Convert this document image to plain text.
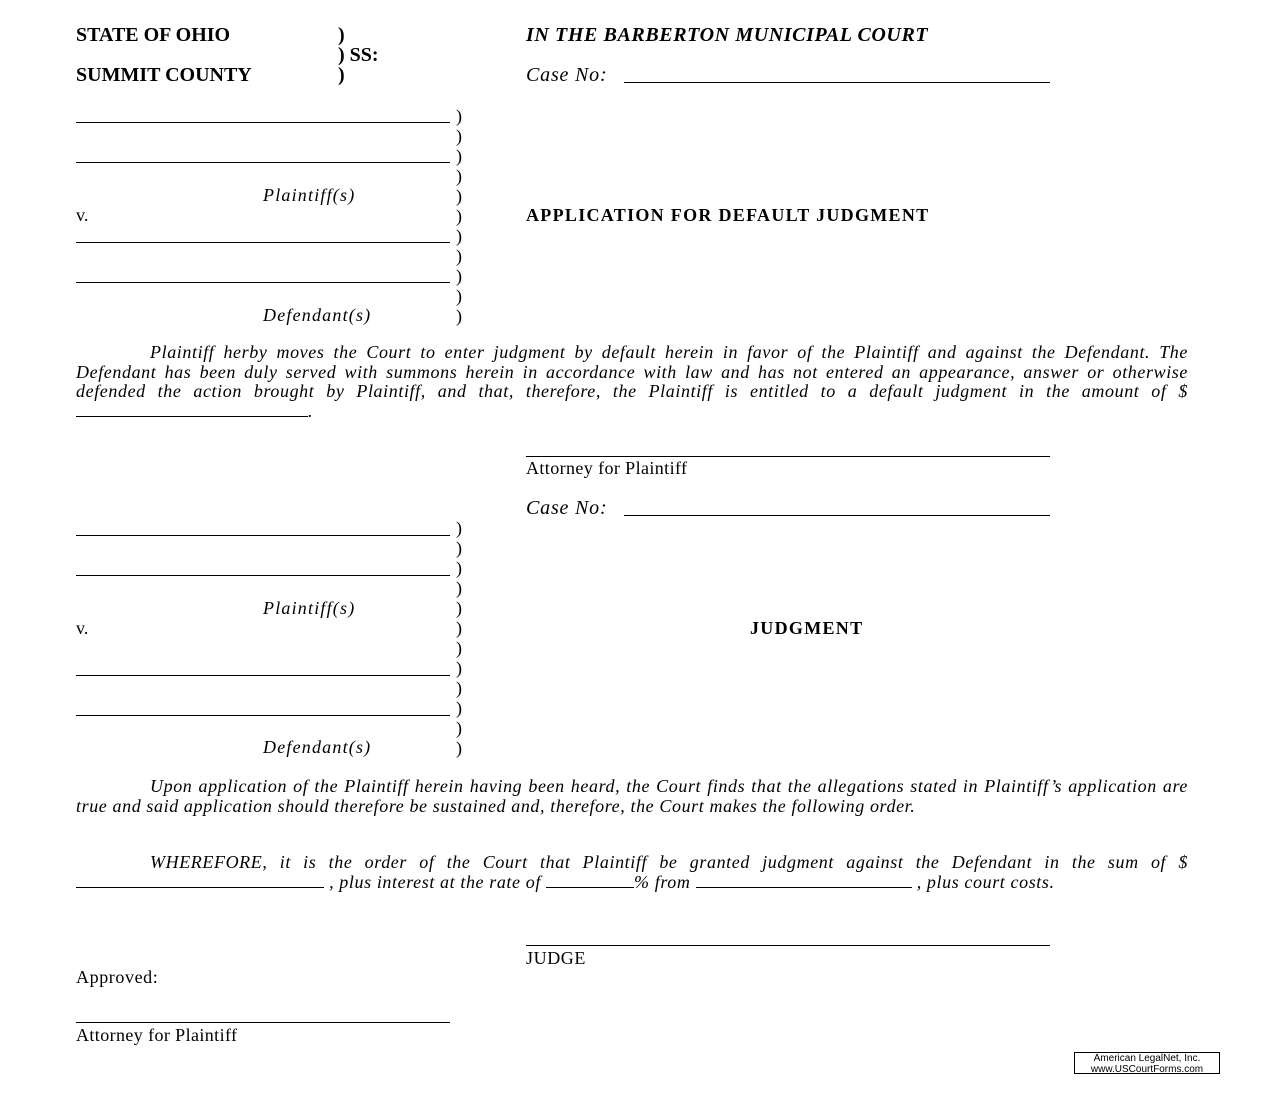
STATE OF OHIO	)
) SS:
SUMMIT COUNTY	)
IN THE BARBERTON MUNICIPAL COURT
Case No:
Plaintiff(s)
v.
Defendant(s)
)
)
)
)
)
)
)
)
)
)
)
APPLICATION FOR DEFAULT JUDGMENT
Plaintiff herby moves the Court to enter judgment by default herein in favor of the Plaintiff and against the Defendant. The Defendant has been duly served with summons herein in accordance with law and has not entered an appearance, answer or otherwise defended the action brought by Plaintiff, and that, therefore, the Plaintiff is entitled to a default judgment in the amount of $.
Attorney for Plaintiff
Case No:
Plaintiff(s)
v.
Defendant(s)
)
)
)
)
)
)
)
)
)
)
)
)
JUDGMENT
Upon application of the Plaintiff herein having been heard, the Court finds that the allegations stated in Plaintiff’s application are true and said application should therefore be sustained and, therefore, the Court makes the following order.
WHEREFORE, it is the order of the Court that Plaintiff be granted judgment against the Defendant in the sum of $ , plus interest at the rate of	% from	, plus court costs.
JUDGE
Approved:
Attorney for Plaintiff
American LegalNet, Inc.
www.USCourtForms.com
